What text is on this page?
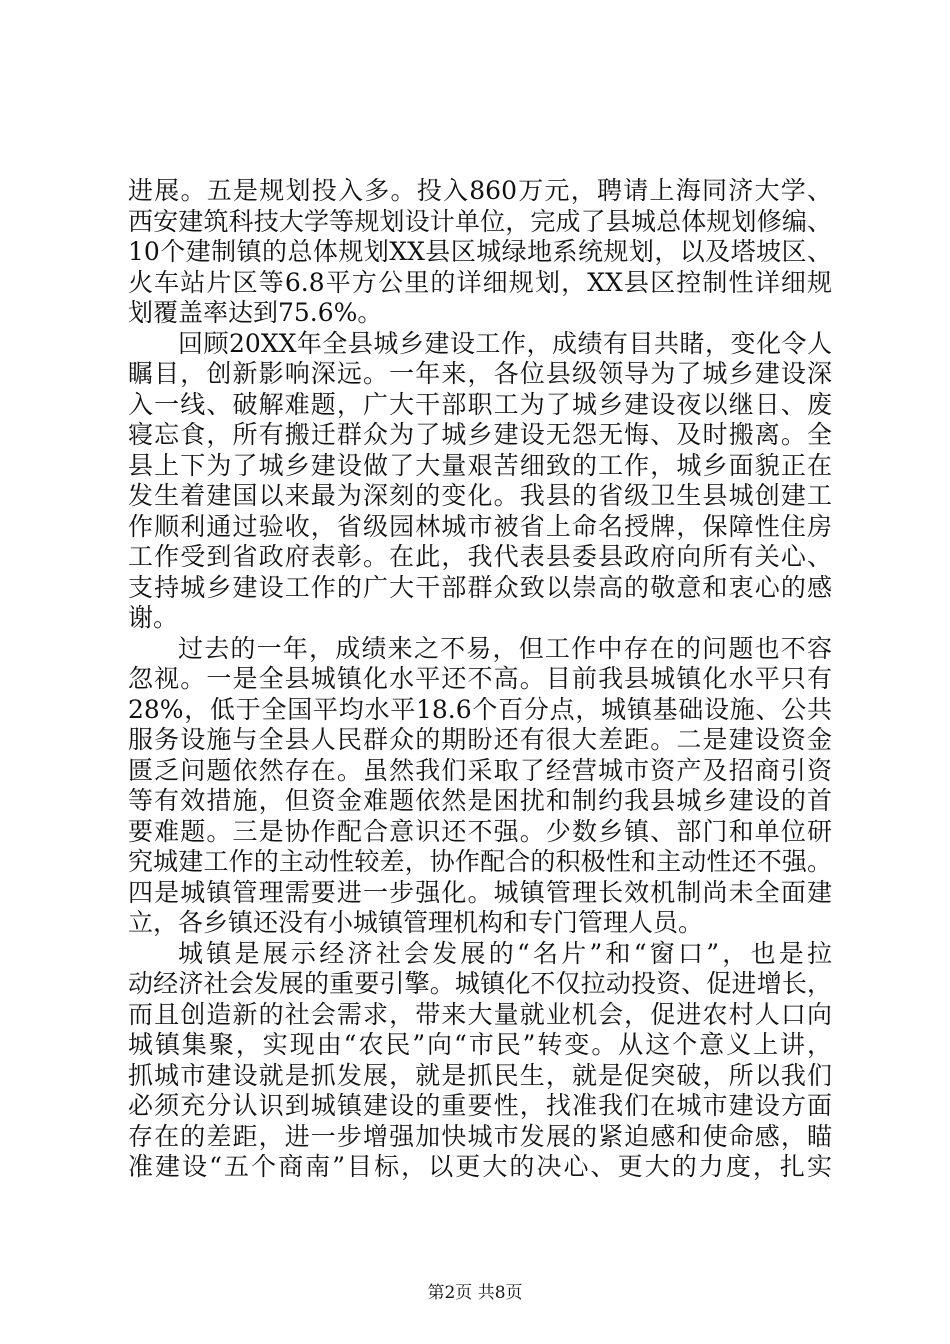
进展。五是规划投入多。投入860万元，聘请上海同济大学、
西安建筑科技大学等规划设计单位，完成了县城总体规划修编、
10个建制镇的总体规划XX县区城绿地系统规划，以及塔坡区、
火车站片区等6.8平方公里的详细规划，XX县区控制性详细规
划覆盖率达到75.6%。
回顾20XX年全县城乡建设工作，成绩有目共睹，变化令人
瞩目，创新影响深远。一年来，各位县级领导为了城乡建设深
入一线、破解难题，广大干部职工为了城乡建设夜以继日、废
寝忘食，所有搬迁群众为了城乡建设无怨无悔、及时搬离。全
县上下为了城乡建设做了大量艰苦细致的工作，城乡面貌正在
发生着建国以来最为深刻的变化。我县的省级卫生县城创建工
作顺利通过验收，省级园林城市被省上命名授牌，保障性住房
工作受到省政府表彰。在此，我代表县委县政府向所有关心、
支持城乡建设工作的广大干部群众致以崇高的敬意和衷心的感
谢。
过去的一年，成绩来之不易，但工作中存在的问题也不容
忽视。一是全县城镇化水平还不高。目前我县城镇化水平只有
28%，低于全国平均水平18.6个百分点，城镇基础设施、公共
服务设施与全县人民群众的期盼还有很大差距。二是建设资金
匮乏问题依然存在。虽然我们采取了经营城市资产及招商引资
等有效措施，但资金难题依然是困扰和制约我县城乡建设的首
要难题。三是协作配合意识还不强。少数乡镇、部门和单位研
究城建工作的主动性较差，协作配合的积极性和主动性还不强。
四是城镇管理需要进一步强化。城镇管理长效机制尚未全面建
立，各乡镇还没有小城镇管理机构和专门管理人员。
城镇是展示经济社会发展的“名片”和“窗口”，也是拉
动经济社会发展的重要引擎。城镇化不仅拉动投资、促进增长，
而且创造新的社会需求，带来大量就业机会，促进农村人口向
城镇集聚，实现由“农民”向“市民”转变。从这个意义上讲，
抓城市建设就是抓发展，就是抓民生，就是促突破，所以我们
必须充分认识到城镇建设的重要性，找准我们在城市建设方面
存在的差距，进一步增强加快城市发展的紧迫感和使命感，瞄
准建设“五个商南”目标，以更大的决心、更大的力度，扎实
第2页 共8页
